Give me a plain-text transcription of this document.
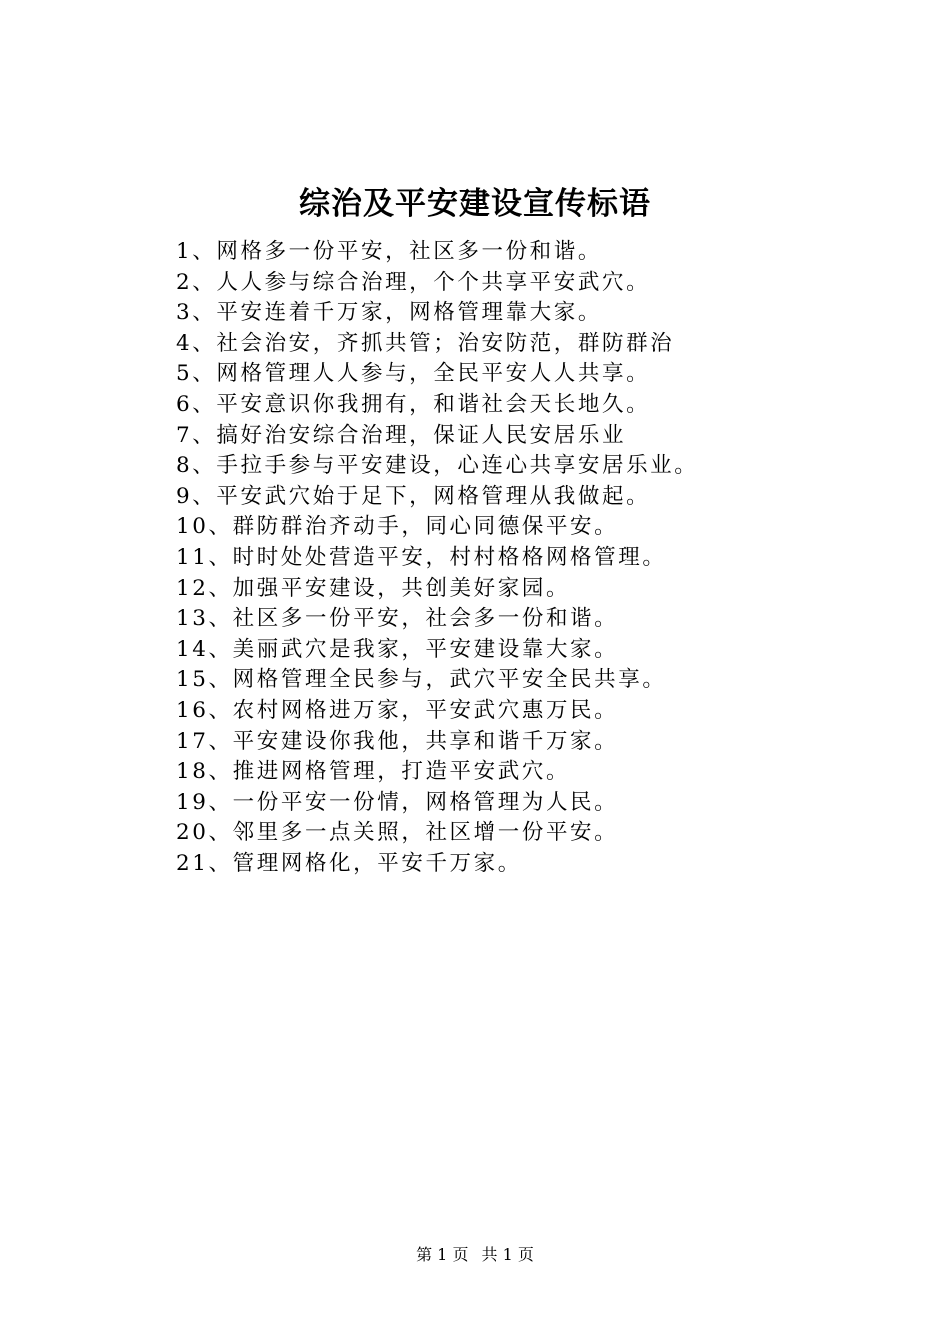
综治及平安建设宣传标语
1、网格多一份平安，社区多一份和谐。
2、人人参与综合治理，个个共享平安武穴。
3、平安连着千万家，网格管理靠大家。
4、社会治安，齐抓共管；治安防范，群防群治
5、网格管理人人参与，全民平安人人共享。
6、平安意识你我拥有，和谐社会天长地久。
7、搞好治安综合治理，保证人民安居乐业
8、手拉手参与平安建设，心连心共享安居乐业。
9、平安武穴始于足下，网格管理从我做起。
10、群防群治齐动手，同心同德保平安。
11、时时处处营造平安，村村格格网格管理。
12、加强平安建设，共创美好家园。
13、社区多一份平安，社会多一份和谐。
14、美丽武穴是我家，平安建设靠大家。
15、网格管理全民参与，武穴平安全民共享。
16、农村网格进万家，平安武穴惠万民。
17、平安建设你我他，共享和谐千万家。
18、推进网格管理，打造平安武穴。
19、一份平安一份情，网格管理为人民。
20、邻里多一点关照，社区增一份平安。
21、管理网格化，平安千万家。
第 1 页 共 1 页
